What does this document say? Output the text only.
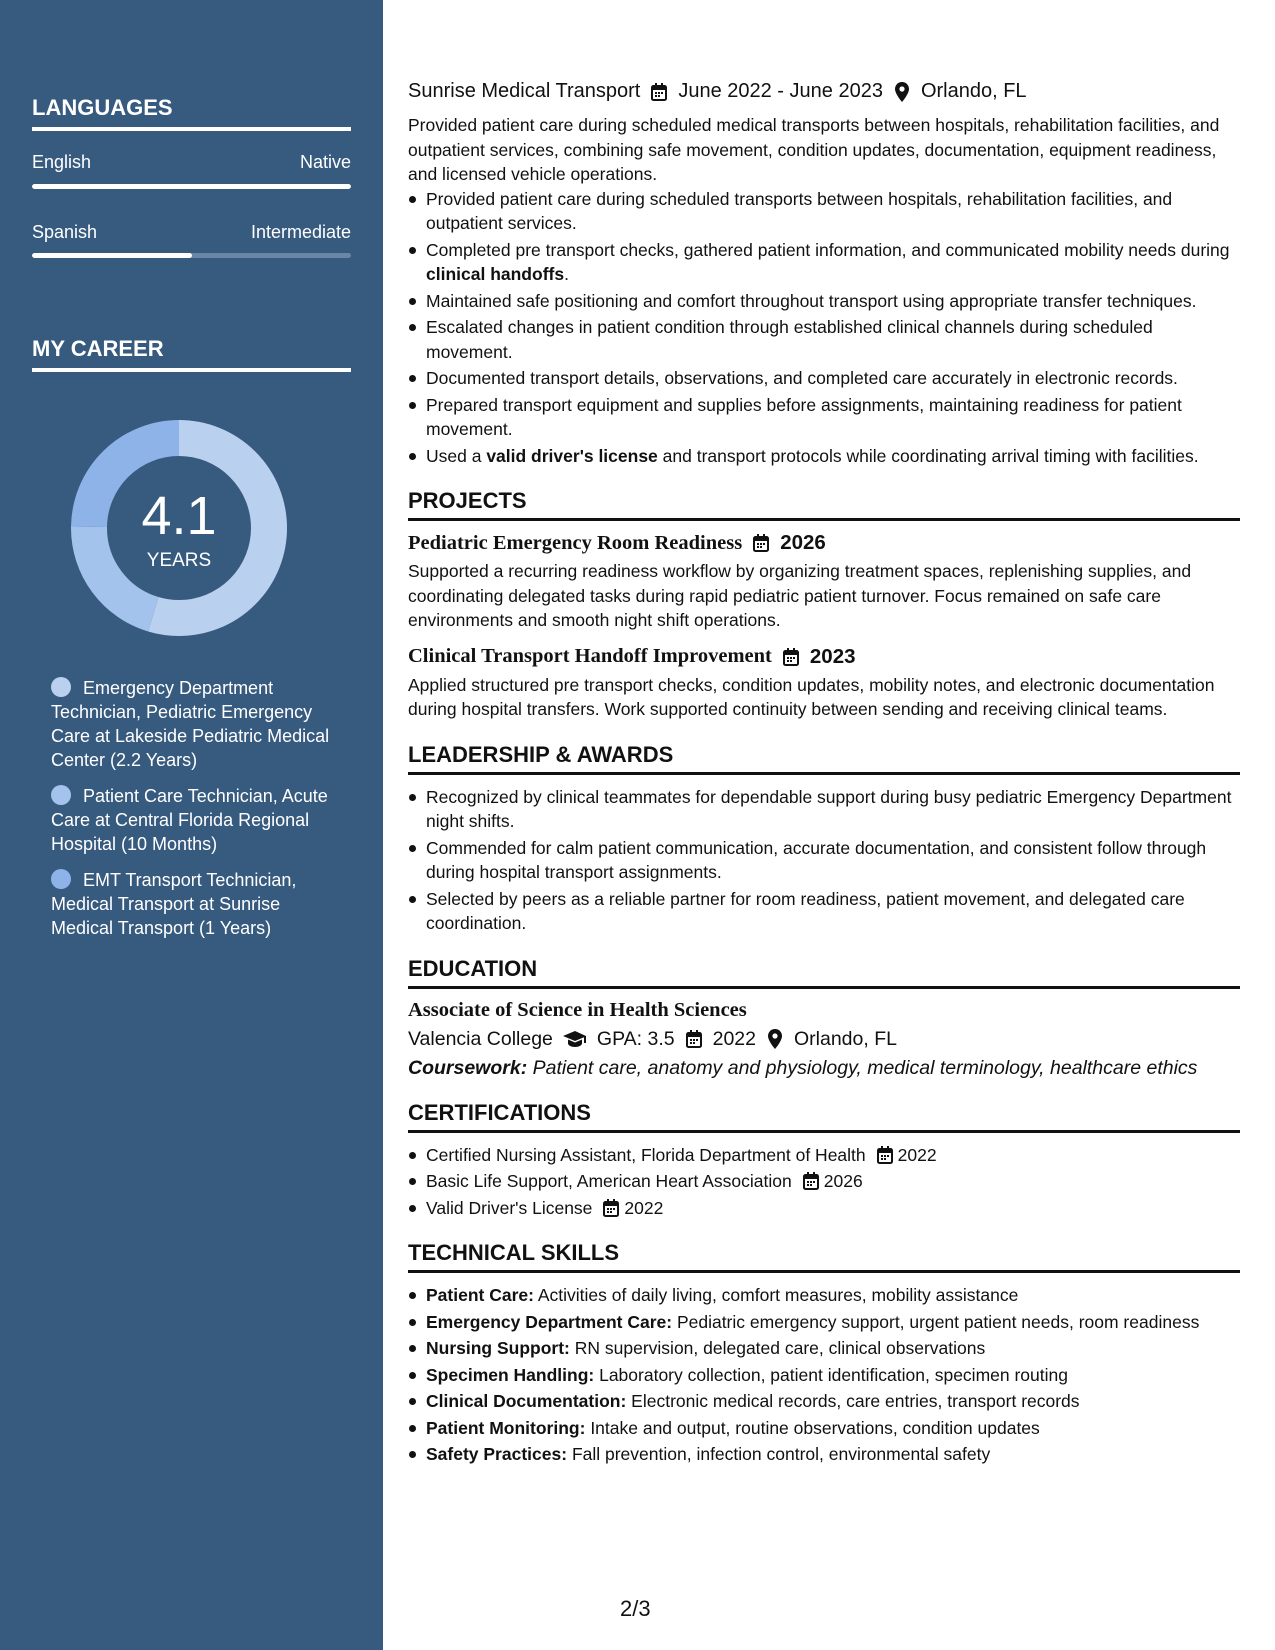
LANGUAGES
English	Native
Spanish	Intermediate
MY CAREER
4.1
YEARS
Emergency Department Technician, Pediatric Emergency Care at Lakeside Pediatric Medical Center (2.2 Years)
Patient Care Technician, Acute Care at Central Florida Regional Hospital (10 Months)
EMT Transport Technician, Medical Transport at Sunrise Medical Transport (1 Years)
Sunrise Medical Transport June 2022 - June 2023 Orlando, FL

Provided patient care during scheduled medical transports between hospitals, rehabilitation facilities, and outpatient services, combining safe movement, condition updates, documentation, equipment readiness, and licensed vehicle operations.

Provided patient care during scheduled transports between hospitals, rehabilitation facilities, and outpatient services.
Completed pre transport checks, gathered patient information, and communicated mobility needs during clinical handoffs.
Maintained safe positioning and comfort throughout transport using appropriate transfer techniques.
Escalated changes in patient condition through established clinical channels during scheduled movement.
Documented transport details, observations, and completed care accurately in electronic records.
Prepared transport equipment and supplies before assignments, maintaining readiness for patient movement.
Used a valid driver's license and transport protocols while coordinating arrival timing with facilities.
PROJECTS
Pediatric Emergency Room Readiness 2026

Supported a recurring readiness workflow by organizing treatment spaces, replenishing supplies, and coordinating delegated tasks during rapid pediatric patient turnover. Focus remained on safe care environments and smooth night shift operations.

Clinical Transport Handoff Improvement 2023

Applied structured pre transport checks, condition updates, mobility notes, and electronic documentation during hospital transfers. Work supported continuity between sending and receiving clinical teams.

LEADERSHIP & AWARDS
Recognized by clinical teammates for dependable support during busy pediatric Emergency Department night shifts.
Commended for calm patient communication, accurate documentation, and consistent follow through during hospital transport assignments.
Selected by peers as a reliable partner for room readiness, patient movement, and delegated care coordination.
EDUCATION
Associate of Science in Health Sciences
Valencia College GPA: 3.5 2022 Orlando, FL
Coursework: Patient care, anatomy and physiology, medical terminology, healthcare ethics
CERTIFICATIONS
Certified Nursing Assistant, Florida Department of Health 2022
Basic Life Support, American Heart Association 2026
Valid Driver's License 2022
TECHNICAL SKILLS
Patient Care: Activities of daily living, comfort measures, mobility assistance
Emergency Department Care: Pediatric emergency support, urgent patient needs, room readiness
Nursing Support: RN supervision, delegated care, clinical observations
Specimen Handling: Laboratory collection, patient identification, specimen routing
Clinical Documentation: Electronic medical records, care entries, transport records
Patient Monitoring: Intake and output, routine observations, condition updates
Safety Practices: Fall prevention, infection control, environmental safety
2/3
